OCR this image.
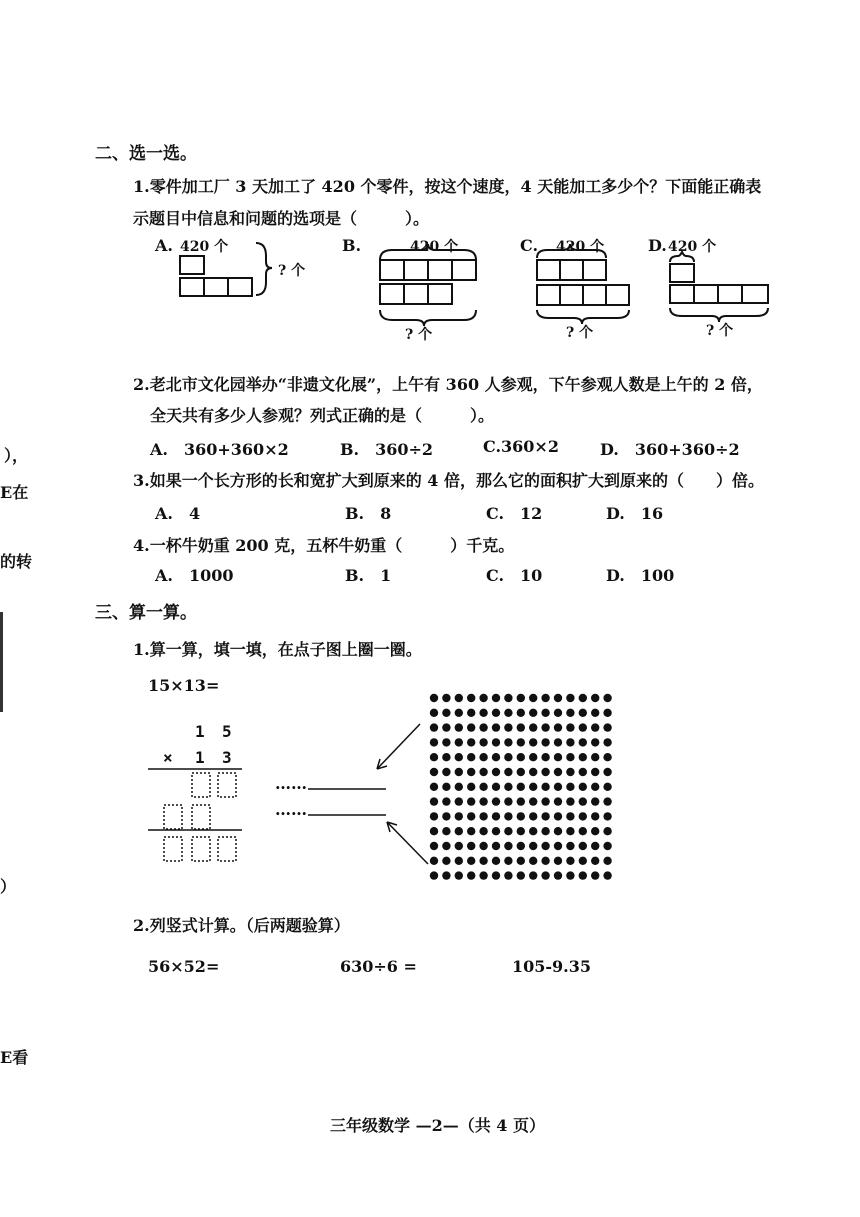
），
E在
的转
）
E看
二、选一选。
1.零件加工厂 3 天加工了 420 个零件，按这个速度，4 天能加工多少个？下面能正确表
示题目中信息和问题的选项是（　　　）。
A. 420 个
? 个
B.	420 个
? 个
C. 420 个
? 个
D. 420 个
? 个
2.老北市文化园举办“非遗文化展”，上午有 360 人参观，下午参观人数是上午的 2 倍，
全天共有多少人参观？列式正确的是（　　　）。
A.　360+360×2	B.　360÷2	C.360×2	D.　360+360÷2
3.如果一个长方形的长和宽扩大到原来的 4 倍，那么它的面积扩大到原来的（　　）倍。
A.　4	B.　8	C.　12	D.　16
4.一杯牛奶重 200 克，五杯牛奶重（　　　）千克。
A.　1000	B.　1	C.　10	D.　100
三、算一算。
1.算一算，填一填，在点子图上圈一圈。
15×13=
1 5
× 1 3
……
……
2.列竖式计算。（后两题验算）
56×52=	630÷6 =	105-9.35
三年级数学 —2—（共 4 页）
